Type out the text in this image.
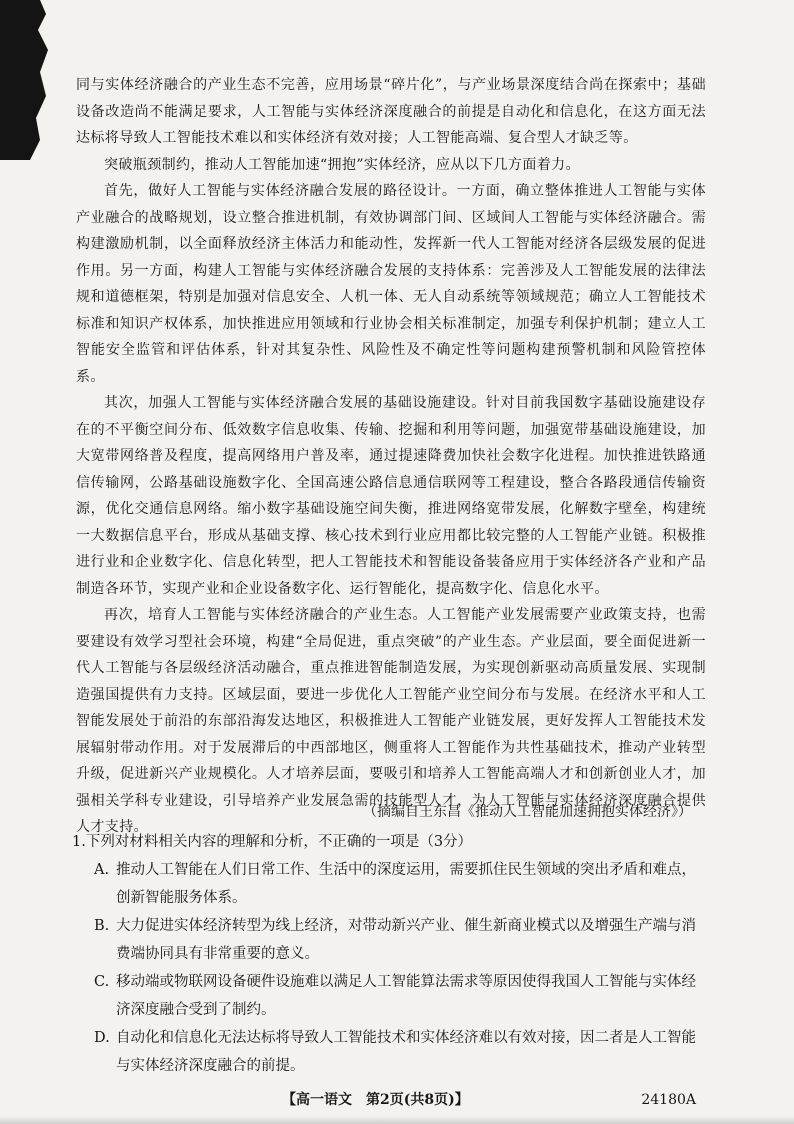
同与实体经济融合的产业生态不完善，应用场景“碎片化”，与产业场景深度结合尚在探索中；基础设备改造尚不能满足要求，人工智能与实体经济深度融合的前提是自动化和信息化，在这方面无法达标将导致人工智能技术难以和实体经济有效对接；人工智能高端、复合型人才缺乏等。

突破瓶颈制约，推动人工智能加速“拥抱”实体经济，应从以下几方面着力。

首先，做好人工智能与实体经济融合发展的路径设计。一方面，确立整体推进人工智能与实体产业融合的战略规划，设立整合推进机制，有效协调部门间、区域间人工智能与实体经济融合。需构建激励机制，以全面释放经济主体活力和能动性，发挥新一代人工智能对经济各层级发展的促进作用。另一方面，构建人工智能与实体经济融合发展的支持体系：完善涉及人工智能发展的法律法规和道德框架，特别是加强对信息安全、人机一体、无人自动系统等领域规范；确立人工智能技术标准和知识产权体系，加快推进应用领域和行业协会相关标准制定，加强专利保护机制；建立人工智能安全监管和评估体系，针对其复杂性、风险性及不确定性等问题构建预警机制和风险管控体系。

其次，加强人工智能与实体经济融合发展的基础设施建设。针对目前我国数字基础设施建设存在的不平衡空间分布、低效数字信息收集、传输、挖掘和利用等问题，加强宽带基础设施建设，加大宽带网络普及程度，提高网络用户普及率，通过提速降费加快社会数字化进程。加快推进铁路通信传输网，公路基础设施数字化、全国高速公路信息通信联网等工程建设，整合各路段通信传输资源，优化交通信息网络。缩小数字基础设施空间失衡，推进网络宽带发展，化解数字壁垒，构建统一大数据信息平台，形成从基础支撑、核心技术到行业应用都比较完整的人工智能产业链。积极推进行业和企业数字化、信息化转型，把人工智能技术和智能设备装备应用于实体经济各产业和产品制造各环节，实现产业和企业设备数字化、运行智能化，提高数字化、信息化水平。

再次，培育人工智能与实体经济融合的产业生态。人工智能产业发展需要产业政策支持，也需要建设有效学习型社会环境，构建“全局促进，重点突破”的产业生态。产业层面，要全面促进新一代人工智能与各层级经济活动融合，重点推进智能制造发展，为实现创新驱动高质量发展、实现制造强国提供有力支持。区域层面，要进一步优化人工智能产业空间分布与发展。在经济水平和人工智能发展处于前沿的东部沿海发达地区，积极推进人工智能产业链发展，更好发挥人工智能技术发展辐射带动作用。对于发展滞后的中西部地区，侧重将人工智能作为共性基础技术，推动产业转型升级，促进新兴产业规模化。人才培养层面，要吸引和培养人工智能高端人才和创新创业人才，加强相关学科专业建设，引导培养产业发展急需的技能型人才，为人工智能与实体经济深度融合提供人才支持。

（摘编自王东昌《推动人工智能加速拥抱实体经济》）

1.下列对材料相关内容的理解和分析，不正确的一项是（3分）

A. 推动人工智能在人们日常工作、生活中的深度运用，需要抓住民生领域的突出矛盾和难点，创新智能服务体系。

B. 大力促进实体经济转型为线上经济，对带动新兴产业、催生新商业模式以及增强生产端与消费端协同具有非常重要的意义。

C. 移动端或物联网设备硬件设施难以满足人工智能算法需求等原因使得我国人工智能与实体经济深度融合受到了制约。

D. 自动化和信息化无法达标将导致人工智能技术和实体经济难以有效对接，因二者是人工智能与实体经济深度融合的前提。

【高一语文　第2页(共8页)】	24180A
